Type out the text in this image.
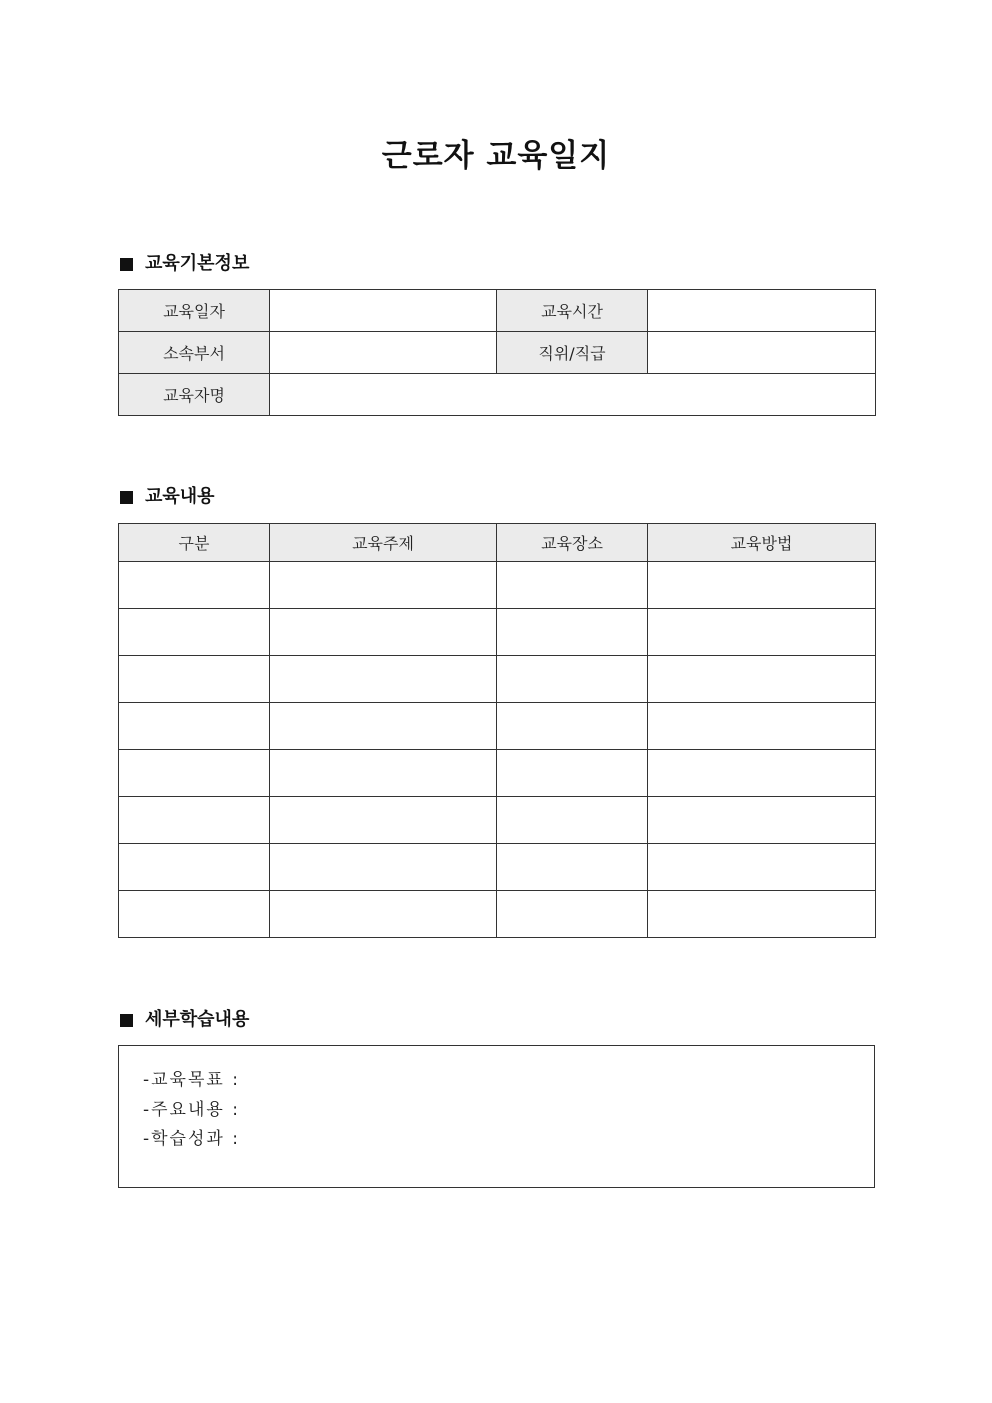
근로자 교육일지
교육기본정보
교육일자		교육시간	
소속부서		직위/직급	
교육자명			
교육내용
구분	교육주제	교육장소	교육방법

세부학습내용
-교육목표 :
-주요내용 :
-학습성과 :
